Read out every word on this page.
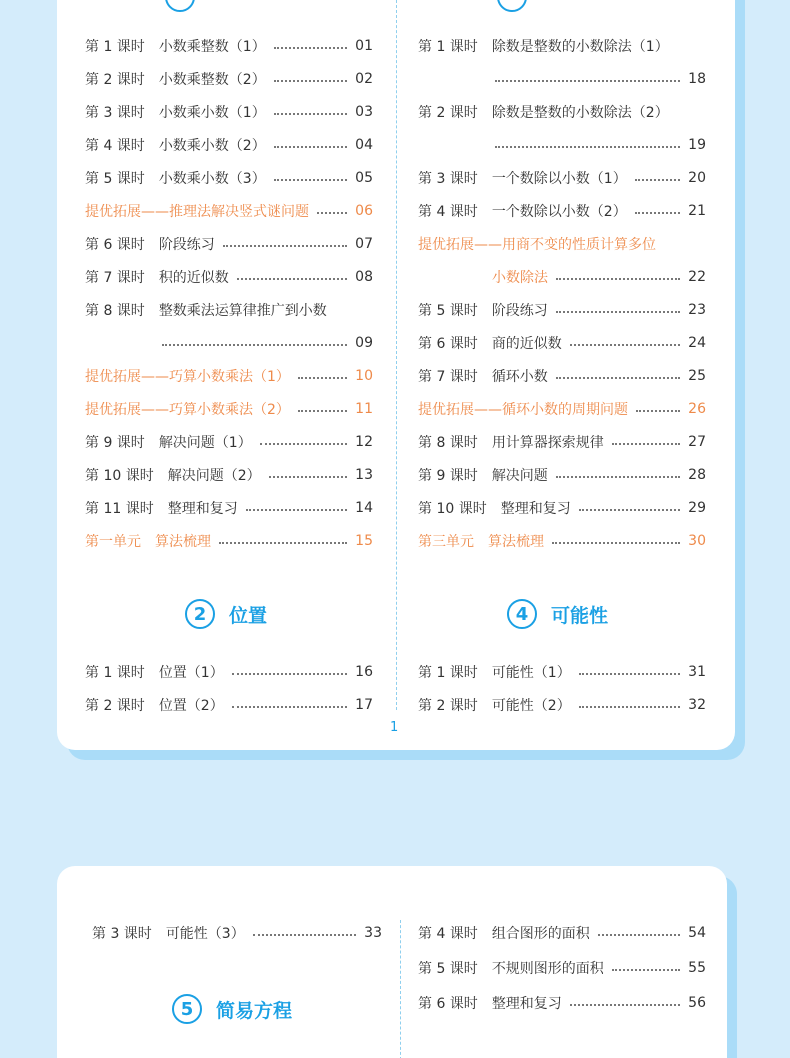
第 1 课时 小数乘整数（1）	01
第 2 课时 小数乘整数（2）	02
第 3 课时 小数乘小数（1）	03
第 4 课时 小数乘小数（2）	04
第 5 课时 小数乘小数（3）	05
提优拓展——推理法解决竖式谜问题	06
第 6 课时 阶段练习	07
第 7 课时 积的近似数	08
第 8 课时 整数乘法运算律推广到小数
09
提优拓展——巧算小数乘法（1）	10
提优拓展——巧算小数乘法（2）	11
第 9 课时 解决问题（1）	12
第 10 课时 解决问题（2）	13
第 11 课时 整理和复习	14
第一单元 算法梳理	15
第 1 课时 位置（1）	16
第 2 课时 位置（2）	17
第 1 课时 除数是整数的小数除法（1）
18
第 2 课时 除数是整数的小数除法（2）
19
第 3 课时 一个数除以小数（1）	20
第 4 课时 一个数除以小数（2）	21
提优拓展——用商不变的性质计算多位
小数除法	22
第 5 课时 阶段练习	23
第 6 课时 商的近似数	24
第 7 课时 循环小数	25
提优拓展——循环小数的周期问题	26
第 8 课时 用计算器探索规律	27
第 9 课时 解决问题	28
第 10 课时 整理和复习	29
第三单元 算法梳理	30
第 1 课时 可能性（1）	31
第 2 课时 可能性（2）	32
2	位置	4	可能性
1
第 3 课时 可能性（3）	33
5	简易方程
第 4 课时 组合图形的面积	54
第 5 课时 不规则图形的面积	55
第 6 课时 整理和复习	56
